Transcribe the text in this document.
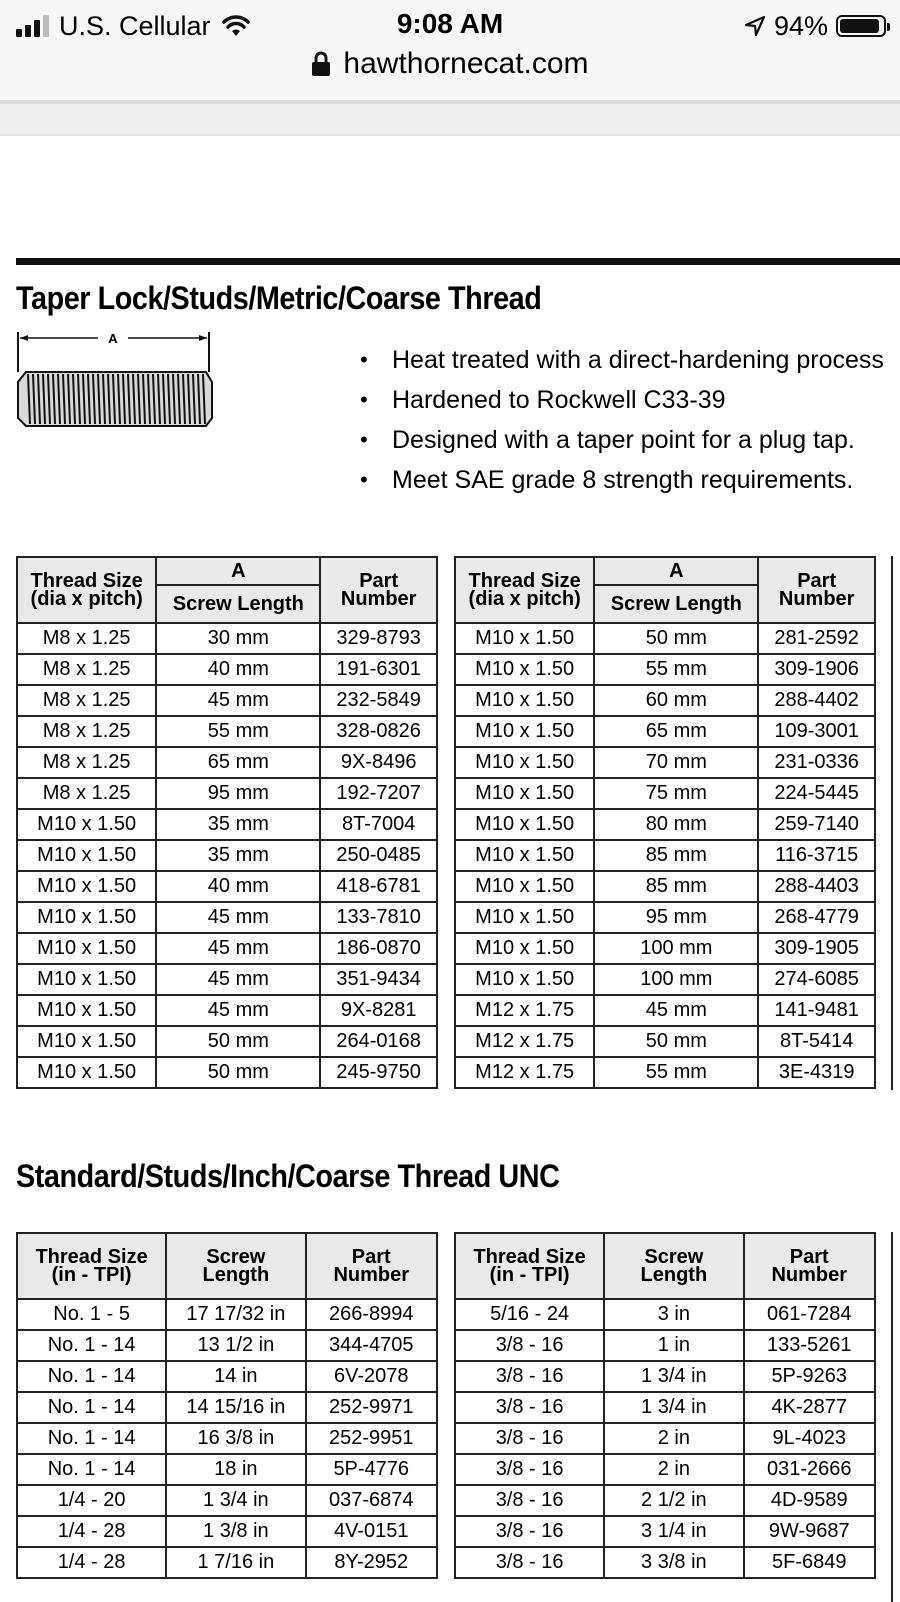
U.S. Cellular	9:08 AM	94%
hawthornecat.com
Taper Lock/Studs/Metric/Coarse Thread
A
• Heat treated with a direct-hardening process
• Hardened to Rockwell C33-39
• Designed with a taper point for a plug tap.
• Meet SAE grade 8 strength requirements.
Thread Size
(dia x pitch)	A	Part
Number
	Screw Length	
M8 x 1.25	30 mm	329-8793
M8 x 1.25	40 mm	191-6301
M8 x 1.25	45 mm	232-5849
M8 x 1.25	55 mm	328-0826
M8 x 1.25	65 mm	9X-8496
M8 x 1.25	95 mm	192-7207
M10 x 1.50	35 mm	8T-7004
M10 x 1.50	35 mm	250-0485
M10 x 1.50	40 mm	418-6781
M10 x 1.50	45 mm	133-7810
M10 x 1.50	45 mm	186-0870
M10 x 1.50	45 mm	351-9434
M10 x 1.50	45 mm	9X-8281
M10 x 1.50	50 mm	264-0168
M10 x 1.50	50 mm	245-9750
Thread Size
(dia x pitch)	A	Part
Number
	Screw Length	
M10 x 1.50	50 mm	281-2592
M10 x 1.50	55 mm	309-1906
M10 x 1.50	60 mm	288-4402
M10 x 1.50	65 mm	109-3001
M10 x 1.50	70 mm	231-0336
M10 x 1.50	75 mm	224-5445
M10 x 1.50	80 mm	259-7140
M10 x 1.50	85 mm	116-3715
M10 x 1.50	85 mm	288-4403
M10 x 1.50	95 mm	268-4779
M10 x 1.50	100 mm	309-1905
M10 x 1.50	100 mm	274-6085
M12 x 1.75	45 mm	141-9481
M12 x 1.75	50 mm	8T-5414
M12 x 1.75	55 mm	3E-4319
Standard/Studs/Inch/Coarse Thread UNC
Thread Size
(in - TPI)	Screw
Length	Part
Number
No. 1 - 5	17 17/32 in	266-8994
No. 1 - 14	13 1/2 in	344-4705
No. 1 - 14	14 in	6V-2078
No. 1 - 14	14 15/16 in	252-9971
No. 1 - 14	16 3/8 in	252-9951
No. 1 - 14	18 in	5P-4776
1/4 - 20	1 3/4 in	037-6874
1/4 - 28	1 3/8 in	4V-0151
1/4 - 28	1 7/16 in	8Y-2952
Thread Size
(in - TPI)	Screw
Length	Part
Number
5/16 - 24	3 in	061-7284
3/8 - 16	1 in	133-5261
3/8 - 16	1 3/4 in	5P-9263
3/8 - 16	1 3/4 in	4K-2877
3/8 - 16	2 in	9L-4023
3/8 - 16	2 in	031-2666
3/8 - 16	2 1/2 in	4D-9589
3/8 - 16	3 1/4 in	9W-9687
3/8 - 16	3 3/8 in	5F-6849
